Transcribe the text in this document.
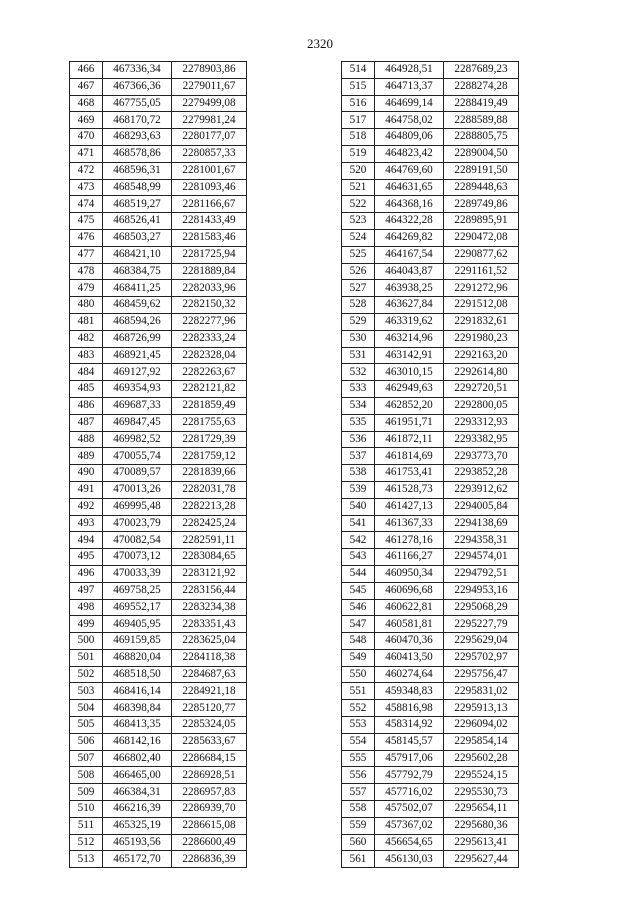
2320
466	467336,34	2278903,86
467	467366,36	2279011,67
468	467755,05	2279499,08
469	468170,72	2279981,24
470	468293,63	2280177,07
471	468578,86	2280857,33
472	468596,31	2281001,67
473	468548,99	2281093,46
474	468519,27	2281166,67
475	468526,41	2281433,49
476	468503,27	2281583,46
477	468421,10	2281725,94
478	468384,75	2281889,84
479	468411,25	2282033,96
480	468459,62	2282150,32
481	468594,26	2282277,96
482	468726,99	2282333,24
483	468921,45	2282328,04
484	469127,92	2282263,67
485	469354,93	2282121,82
486	469687,33	2281859,49
487	469847,45	2281755,63
488	469982,52	2281729,39
489	470055,74	2281759,12
490	470089,57	2281839,66
491	470013,26	2282031,78
492	469995,48	2282213,28
493	470023,79	2282425,24
494	470082,54	2282591,11
495	470073,12	2283084,65
496	470033,39	2283121,92
497	469758,25	2283156,44
498	469552,17	2283234,38
499	469405,95	2283351,43
500	469159,85	2283625,04
501	468820,04	2284118,38
502	468518,50	2284687,63
503	468416,14	2284921,18
504	468398,84	2285120,77
505	468413,35	2285324,05
506	468142,16	2285633,67
507	466802,40	2286684,15
508	466465,00	2286928,51
509	466384,31	2286957,83
510	466216,39	2286939,70
511	465325,19	2286615,08
512	465193,56	2286600,49
513	465172,70	2286836,39
514	464928,51	2287689,23
515	464713,37	2288274,28
516	464699,14	2288419,49
517	464758,02	2288589,88
518	464809,06	2288805,75
519	464823,42	2289004,50
520	464769,60	2289191,50
521	464631,65	2289448,63
522	464368,16	2289749,86
523	464322,28	2289895,91
524	464269,82	2290472,08
525	464167,54	2290877,62
526	464043,87	2291161,52
527	463938,25	2291272,96
528	463627,84	2291512,08
529	463319,62	2291832,61
530	463214,96	2291980,23
531	463142,91	2292163,20
532	463010,15	2292614,80
533	462949,63	2292720,51
534	462852,20	2292800,05
535	461951,71	2293312,93
536	461872,11	2293382,95
537	461814,69	2293773,70
538	461753,41	2293852,28
539	461528,73	2293912,62
540	461427,13	2294005,84
541	461367,33	2294138,69
542	461278,16	2294358,31
543	461166,27	2294574,01
544	460950,34	2294792,51
545	460696,68	2294953,16
546	460622,81	2295068,29
547	460581,81	2295227,79
548	460470,36	2295629,04
549	460413,50	2295702,97
550	460274,64	2295756,47
551	459348,83	2295831,02
552	458816,98	2295913,13
553	458314,92	2296094,02
554	458145,57	2295854,14
555	457917,06	2295602,28
556	457792,79	2295524,15
557	457716,02	2295530,73
558	457502,07	2295654,11
559	457367,02	2295680,36
560	456654,65	2295613,41
561	456130,03	2295627,44
